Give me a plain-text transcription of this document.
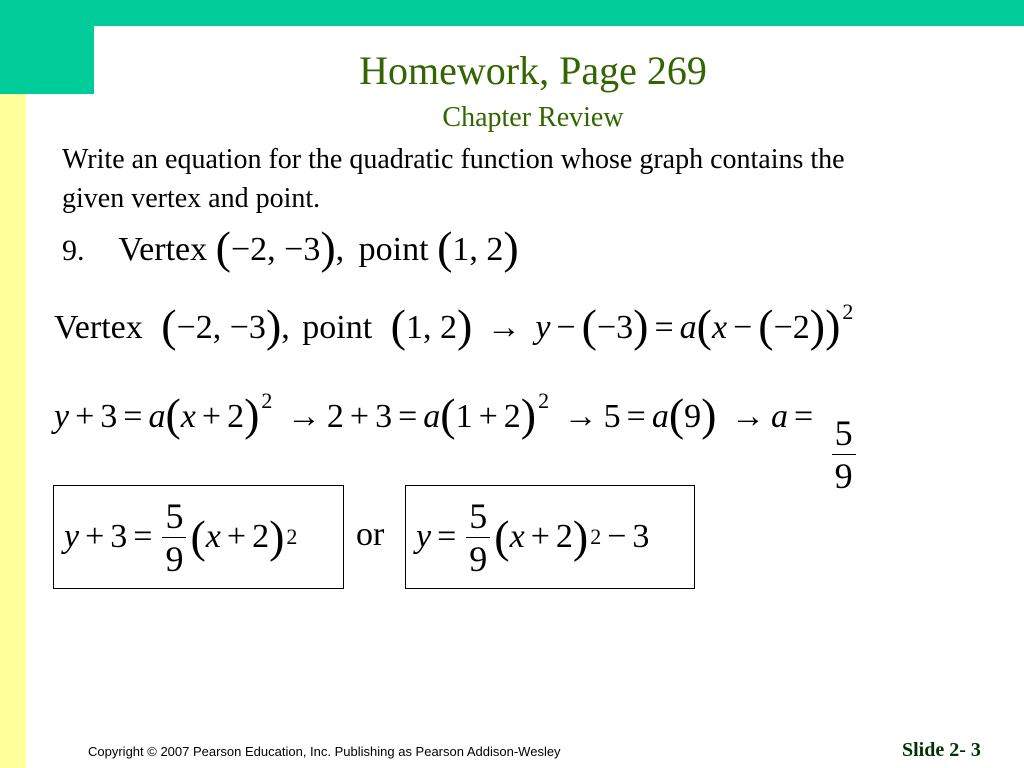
Homework, Page 269
Chapter Review
Write an equation for the quadratic function whose graph contains the given vertex and point.
9. Vertex (−2, −3), point (1, 2)
Vertex (−2, −3), point (1, $2) \to y - (-3) = a(x - (-2))^2$
$y + 3 = a(x + 2)^2 \to 2 + 3 = a(1 + 2)^2 \to 5 = a(9) \to a = \frac{5}{9}$
$y + 3 = \frac{5}{9}$ ( x + 2 ) 2 or $y = \frac{5}{9}$ ( x + 2 ) 2 − 3
Copyright © 2007 Pearson Education, Inc. Publishing as Pearson Addison-Wesley	Slide 2- 3
